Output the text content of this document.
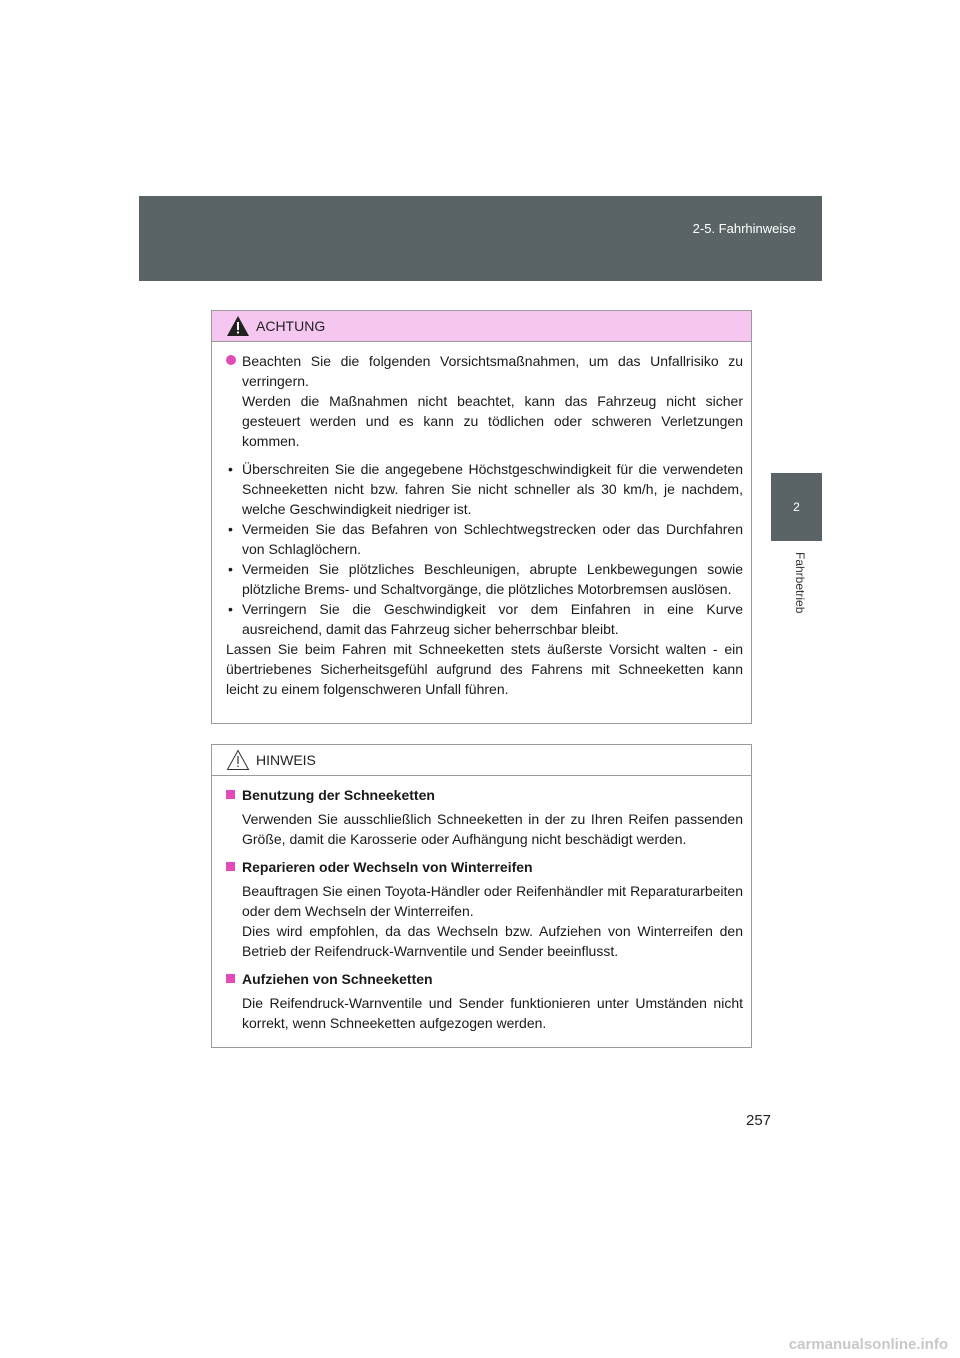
2-5. Fahrhinweise
2
Fahrbetrieb
ACHTUNG
Beachten Sie die folgenden Vorsichtsmaßnahmen, um das Unfallrisiko zu verringern.
Werden die Maßnahmen nicht beachtet, kann das Fahrzeug nicht sicher gesteuert werden und es kann zu tödlichen oder schweren Verletzungen kommen.
• Überschreiten Sie die angegebene Höchstgeschwindigkeit für die verwendeten Schneeketten nicht bzw. fahren Sie nicht schneller als 30 km/h, je nachdem, welche Geschwindigkeit niedriger ist.
• Vermeiden Sie das Befahren von Schlechtwegstrecken oder das Durchfahren von Schlaglöchern.
• Vermeiden Sie plötzliches Beschleunigen, abrupte Lenkbewegungen sowie plötzliche Brems- und Schaltvorgänge, die plötzliches Motorbremsen auslösen.
• Verringern Sie die Geschwindigkeit vor dem Einfahren in eine Kurve ausreichend, damit das Fahrzeug sicher beherrschbar bleibt.

Lassen Sie beim Fahren mit Schneeketten stets äußerste Vorsicht walten - ein übertriebenes Sicherheitsgefühl aufgrund des Fahrens mit Schneeketten kann leicht zu einem folgenschweren Unfall führen.

HINWEIS
Benutzung der Schneeketten
Verwenden Sie ausschließlich Schneeketten in der zu Ihren Reifen passenden Größe, damit die Karosserie oder Aufhängung nicht beschädigt werden.
Reparieren oder Wechseln von Winterreifen
Beauftragen Sie einen Toyota-Händler oder Reifenhändler mit Reparaturarbeiten oder dem Wechseln der Winterreifen.
Dies wird empfohlen, da das Wechseln bzw. Aufziehen von Winterreifen den Betrieb der Reifendruck-Warnventile und Sender beeinflusst.
Aufziehen von Schneeketten
Die Reifendruck-Warnventile und Sender funktionieren unter Umständen nicht korrekt, wenn Schneeketten aufgezogen werden.
257
carmanualsonline.info
